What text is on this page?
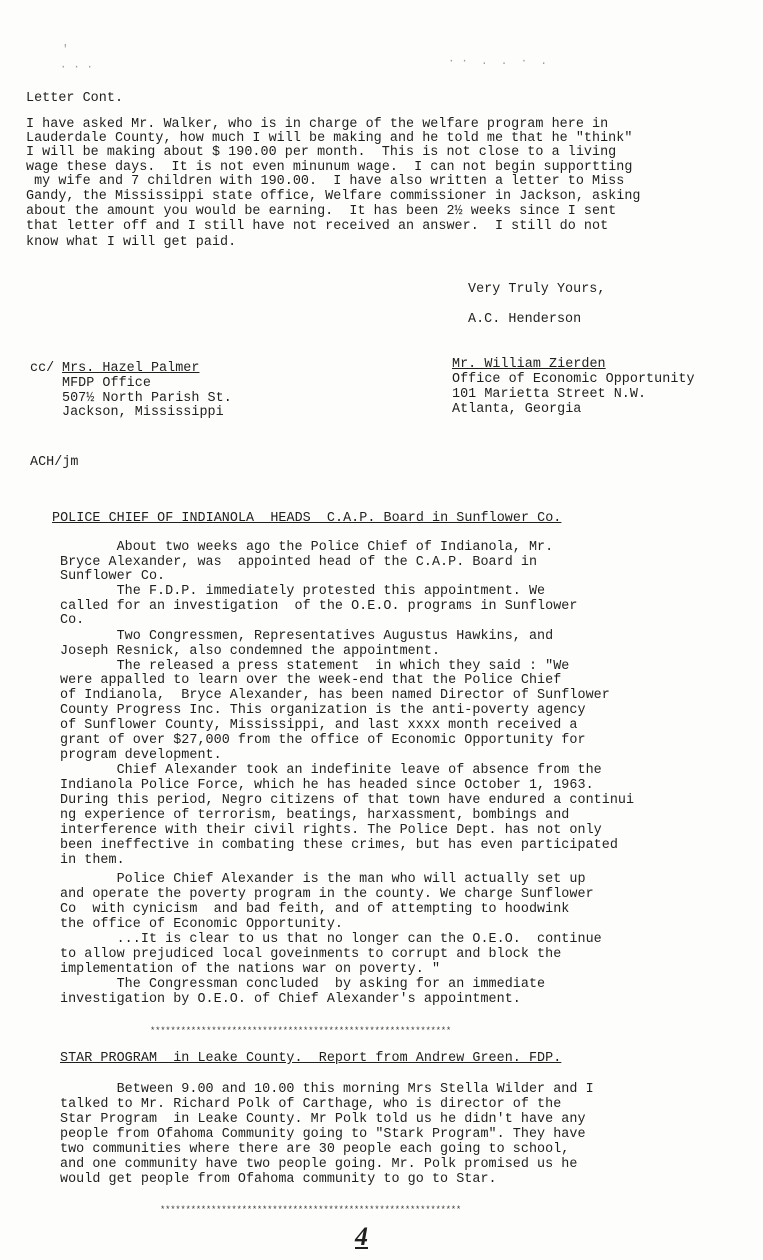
'
· · ·	· ·  .  .  ·  .
Letter Cont.
I have asked Mr. Walker, who is in charge of the welfare program here in
Lauderdale County, how much I will be making and he told me that he "think"
I will be making about $ 190.00 per month.  This is not close to a living
wage these days.  It is not even minunum wage.  I can not begin supportting
my wife and 7 children with 190.00.  I have also written a letter to Miss
Gandy, the Mississippi state office, Welfare commissioner in Jackson, asking
about the amount you would be earning.  It has been 2½ weeks since I sent
that letter off and I still have not received an answer.  I still do not
know what I will get paid.
Very Truly Yours,
A.C. Henderson
cc/ Mrs. Hazel Palmer
MFDP Office
507½ North Parish St.
Jackson, Mississippi
Mr. William Zierden
Office of Economic Opportunity
101 Marietta Street N.W.
Atlanta, Georgia
ACH/jm
POLICE CHIEF OF INDIANOLA  HEADS  C.A.P. Board in Sunflower Co.
About two weeks ago the Police Chief of Indianola, Mr.
Bryce Alexander, was  appointed head of the C.A.P. Board in
Sunflower Co.
The F.D.P. immediately protested this appointment. We
called for an investigation  of the O.E.O. programs in Sunflower
Co.
Two Congressmen, Representatives Augustus Hawkins, and
Joseph Resnick, also condemned the appointment.
The released a press statement  in which they said : "We
were appalled to learn over the week-end that the Police Chief
of Indianola,  Bryce Alexander, has been named Director of Sunflower
County Progress Inc. This organization is the anti-poverty agency
of Sunflower County, Mississippi, and last xxxx month received a
grant of over $27,000 from the office of Economic Opportunity for
program development.
Chief Alexander took an indefinite leave of absence from the
Indianola Police Force, which he has headed since October 1, 1963.
During this period, Negro citizens of that town have endured a continui
ng experience of terrorism, beatings, harxassment, bombings and
interference with their civil rights. The Police Dept. has not only
been ineffective in combating these crimes, but has even participated
in them.
Police Chief Alexander is the man who will actually set up
and operate the poverty program in the county. We charge Sunflower
Co  with cynicism  and bad feith, and of attempting to hoodwink
the office of Economic Opportunity.
...It is clear to us that no longer can the O.E.O.  continue
to allow prejudiced local goveinments to corrupt and block the
implementation of the nations war on poverty. "
The Congressman concluded  by asking for an immediate
investigation by O.E.O. of Chief Alexander's appointment.
***********************************************************
STAR PROGRAM  in Leake County.  Report from Andrew Green. FDP.
Between 9.00 and 10.00 this morning Mrs Stella Wilder and I
talked to Mr. Richard Polk of Carthage, who is director of the
Star Program  in Leake County. Mr Polk told us he didn't have any
people from Ofahoma Community going to "Stark Program". They have
two communities where there are 30 people each going to school,
and one community have two people going. Mr. Polk promised us he
would get people from Ofahoma community to go to Star.
***********************************************************
4
